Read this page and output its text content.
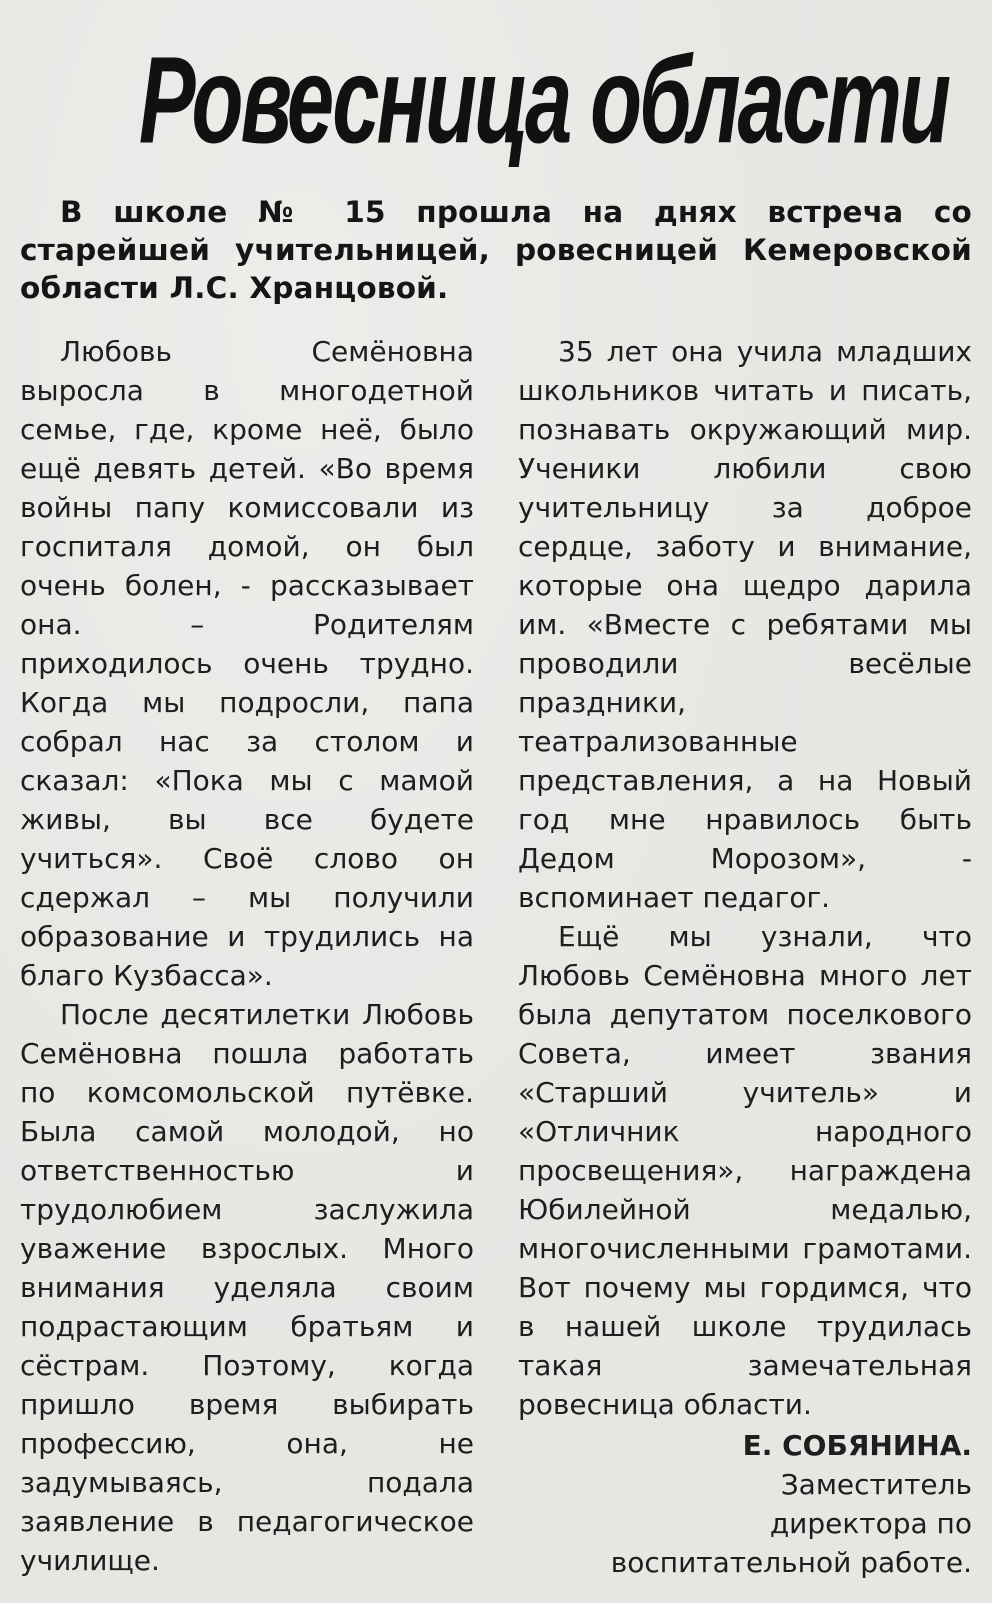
Ровесница области
В школе № 15 прошла на днях встреча со старейшей учительницей, ровесницей Кемеровской области Л.С. Хранцовой.

Любовь Семёновна выросла в многодетной семье, где, кроме неё, было ещё девять детей. «Во время войны папу комиссовали из госпиталя домой, он был очень болен, - рассказывает она. – Родителям приходилось очень трудно. Когда мы подросли, папа собрал нас за столом и сказал: «Пока мы с мамой живы, вы все будете учиться». Своё слово он сдержал – мы получили образование и трудились на благо Кузбасса».

После десятилетки Любовь Семёновна пошла работать по комсомольской путёвке. Была самой молодой, но ответственностью и трудолюбием заслужила уважение взрослых. Много внимания уделяла своим подрастающим братьям и сёстрам. Поэтому, когда пришло время выбирать профессию, она, не задумываясь, подала заявление в педагогическое училище.

35 лет она учила младших школьников читать и писать, познавать окружающий мир. Ученики любили свою учительницу за доброе сердце, заботу и внимание, которые она щедро дарила им. «Вместе с ребятами мы проводили весёлые праздники, театрализованные представления, а на Новый год мне нравилось быть Дедом Морозом», - вспоминает педагог.

Ещё мы узнали, что Любовь Семёновна много лет была депутатом поселкового Совета, имеет звания «Старший учитель» и «Отличник народного просвещения», награждена Юбилейной медалью, многочисленными грамотами. Вот почему мы гордимся, что в нашей школе трудилась такая замечательная ровесница области.

Е. СОБЯНИНА.
Заместитель
директора по
воспитательной работе.
